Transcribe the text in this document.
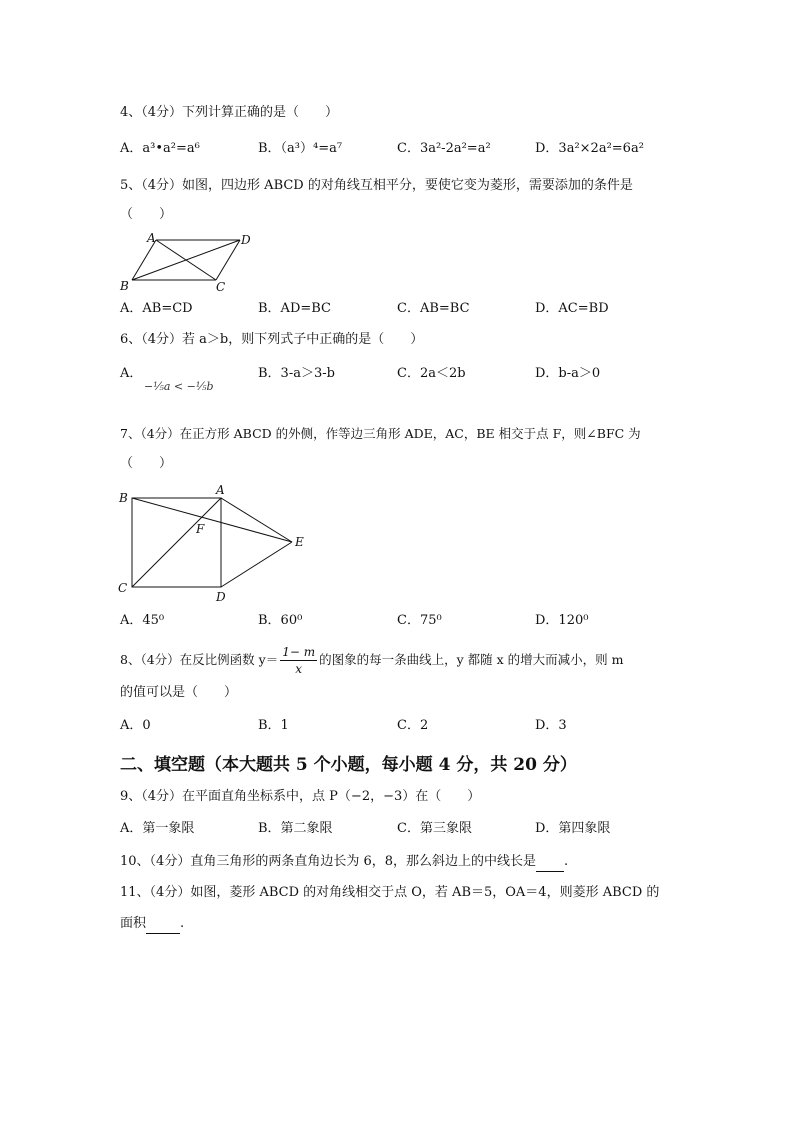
4、（4分）下列计算正确的是（　　）
A．a³•a²=a⁶	B．（a³）⁴=a⁷	C．3a²-2a²=a²	D．3a²×2a²=6a²
5、（4分）如图，四边形 ABCD 的对角线互相平分，要使它变为菱形，需要添加的条件是
（　　）
A	D
B	C
A．AB=CD	B．AD=BC	C．AB=BC	D．AC=BD
6、（4分）若 a＞b，则下列式子中正确的是（　　）
A．
−⅕a < −⅕b
B．3-a＞3-b	C．2a＜2b	D．b-a＞0
7、（4分）在正方形 ABCD 的外侧，作等边三角形 ADE，AC，BE 相交于点 F，则∠BFC 为
（　　）
B
A
F
E
C
D
A．45⁰	B．60⁰	C．75⁰	D．120⁰
8、（4分）在反比例函数 $y= \frac{1- m}{x}$ 的图象的每一条曲线上，y 都随 x 的增大而减小，则 m
的值可以是（　　）
A．0	B．1	C．2	D．3
二、填空题（本大题共 5 个小题，每小题 4 分，共 20 分）
9、（4分）在平面直角坐标系中，点 P（−2，−3）在（　　）
A．第一象限	B．第二象限	C．第三象限	D．第四象限
10、（4分）直角三角形的两条直角边长为 6，8，那么斜边上的中线长是 .
11、（4分）如图，菱形 ABCD 的对角线相交于点 O，若 AB＝5，OA＝4，则菱形 ABCD 的
面积	.
